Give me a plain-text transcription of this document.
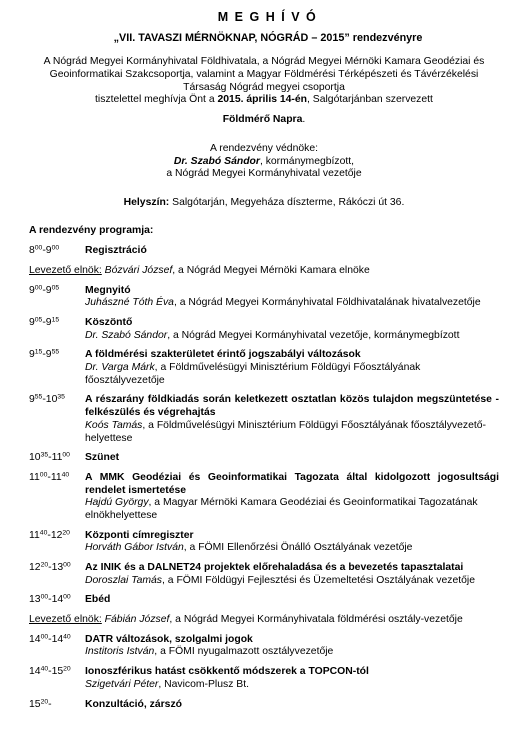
MEGHÍVÓ
„VII. TAVASZI MÉRNÖKNAP, NÓGRÁD – 2015” rendezvényre

A Nógrád Megyei Kormányhivatal Földhivatala, a Nógrád Megyei Mérnöki Kamara Geodéziai és

Geoinformatikai Szakcsoportja, valamint a Magyar Földmérési Térképészeti és Távérzékelési

Társaság Nógrád megyei csoportja

tisztelettel meghívja Önt a 2015. április 14-én, Salgótarjánban szervezett

Földmérő Napra.

A rendezvény védnöke:

Dr. Szabó Sándor, kormánymegbízott,

a Nógrád Megyei Kormányhivatal vezetője

Helyszín: Salgótarján, Megyeháza díszterme, Rákóczi út 36.
A rendezvény programja:
$8^{00}-9^{00}$	Regisztráció
Levezető elnök: Bózvári József, a Nógrád Megyei Mérnöki Kamara elnöke
$9^{00}-9^{05}$	Megnyitó
Juhászné Tóth Éva, a Nógrád Megyei Kormányhivatal Földhivatalának hivatalvezetője
$9^{05}-9^{15}$	Köszöntő
Dr. Szabó Sándor, a Nógrád Megyei Kormányhivatal vezetője, kormánymegbízott
$9^{15}-9^{55}$	A földmérési szakterületet érintő jogszabályi változások
Dr. Varga Márk, a Földművelésügyi Minisztérium Földügyi Főosztályának főosztályvezetője
$9^{55}-10^{35}$	A részarány földkiadás során keletkezett osztatlan közös tulajdon megszüntetése - felkészülés és végrehajtás
Koós Tamás, a Földművelésügyi Minisztérium Földügyi Főosztályának főosztályvezető-helyettese
$10^{35}-11^{00}$	Szünet
$11^{00}-11^{40}$	A MMK Geodéziai és Geoinformatikai Tagozata által kidolgozott jogosultsági rendelet ismertetése
Hajdú György, a Magyar Mérnöki Kamara Geodéziai és Geoinformatikai Tagozatának elnökhelyettese
$11^{40}-12^{20}$	Központi címregiszter
Horváth Gábor István, a FÖMI Ellenőrzési Önálló Osztályának vezetője
$12^{20}-13^{00}$	Az INIK és a DALNET24 projektek előrehaladása és a bevezetés tapasztalatai
Doroszlai Tamás, a FÖMI Földügyi Fejlesztési és Üzemeltetési Osztályának vezetője
$13^{00}-14^{00}$	Ebéd
Levezető elnök: Fábián József, a Nógrád Megyei Kormányhivatala földmérési osztály-vezetője
$14^{00}-14^{40}$	DATR változások, szolgalmi jogok
Institoris István, a FÖMI nyugalmazott osztályvezetője
$14^{40}-15^{20}$	Ionoszférikus hatást csökkentő módszerek a TOPCON-tól
Szigetvári Péter, Navicom-Plusz Bt.
$15^{20}-$	Konzultáció, zárszó
